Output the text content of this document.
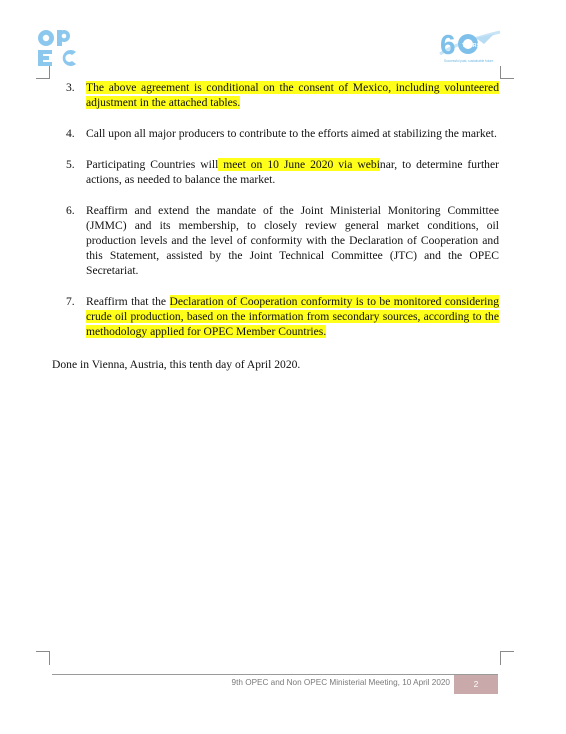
6 YEARS
Successful past, sustainable future
3. The above agreement is conditional on the consent of Mexico, including volunteered adjustment in the attached tables.

4. Call upon all major producers to contribute to the efforts aimed at stabilizing the market.

5. Participating Countries will meet on 10 June 2020 via webinar, to determine further actions, as needed to balance the market.

6. Reaffirm and extend the mandate of the Joint Ministerial Monitoring Committee (JMMC) and its membership, to closely review general market conditions, oil production levels and the level of conformity with the Declaration of Cooperation and this Statement, assisted by the Joint Technical Committee (JTC) and the OPEC Secretariat.

7. Reaffirm that the Declaration of Cooperation conformity is to be monitored considering crude oil production, based on the information from secondary sources, according to the methodology applied for OPEC Member Countries.

Done in Vienna, Austria, this tenth day of April 2020.

9th OPEC and Non OPEC Ministerial Meeting, 10 April 2020	2
